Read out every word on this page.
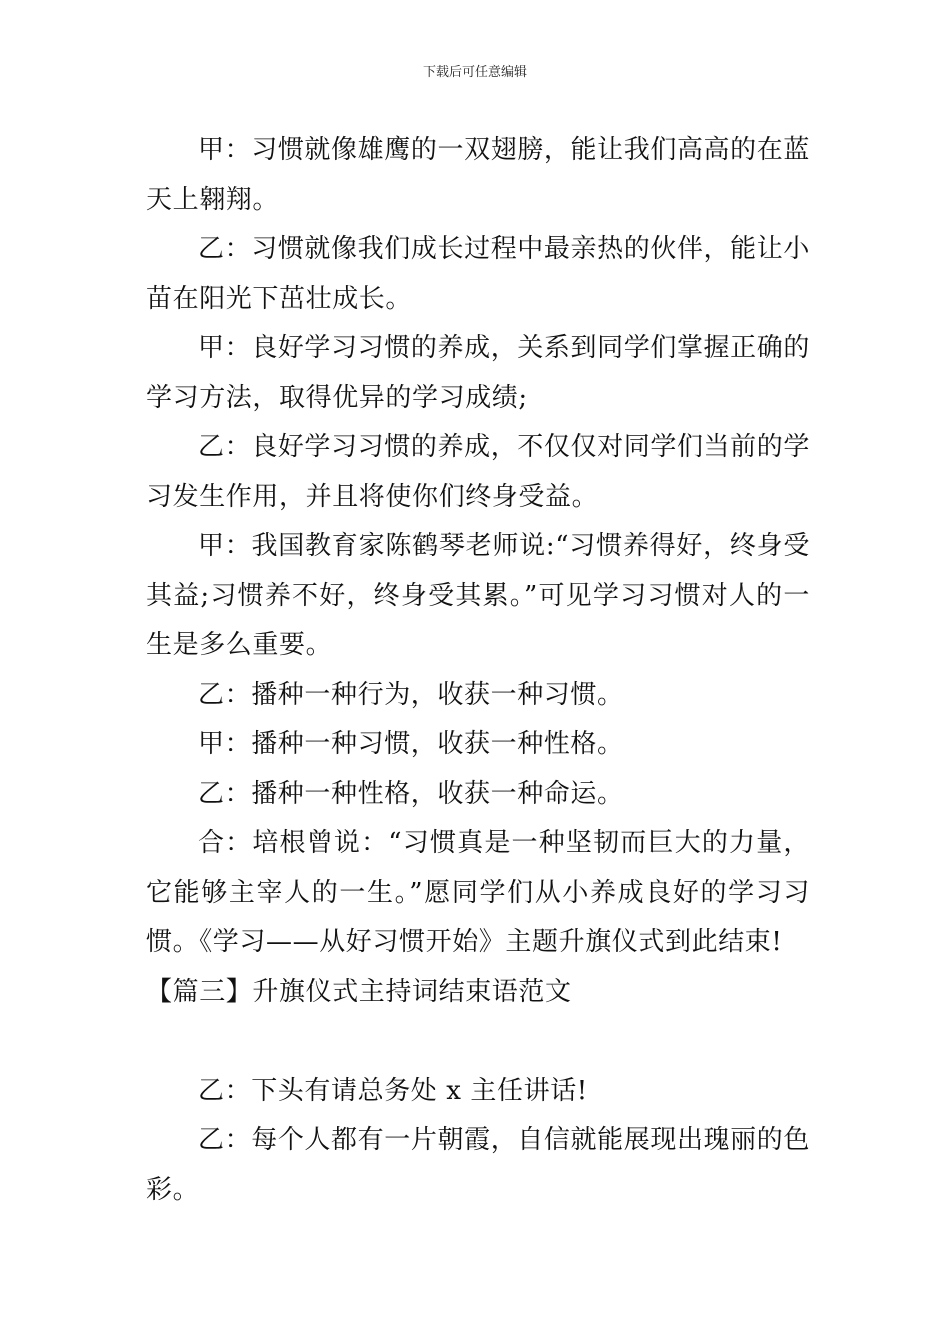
下载后可任意编辑

甲：习惯就像雄鹰的一双翅膀，能让我们高高的在蓝天上翱翔。

乙：习惯就像我们成长过程中最亲热的伙伴，能让小苗在阳光下茁壮成长。

甲：良好学习习惯的养成，关系到同学们掌握正确的学习方法，取得优异的学习成绩;

乙：良好学习习惯的养成，不仅仅对同学们当前的学习发生作用，并且将使你们终身受益。

甲：我国教育家陈鹤琴老师说:“习惯养得好，终身受其益;习惯养不好，终身受其累。”可见学习习惯对人的一生是多么重要。

乙：播种一种行为，收获一种习惯。

甲：播种一种习惯，收获一种性格。

乙：播种一种性格，收获一种命运。

合：培根曾说：“习惯真是一种坚韧而巨大的力量，它能够主宰人的一生。”愿同学们从小养成良好的学习习惯。《学习——从好习惯开始》主题升旗仪式到此结束!

【篇三】升旗仪式主持词结束语范文

乙：下头有请总务处 x 主任讲话!

乙：每个人都有一片朝霞，自信就能展现出瑰丽的色彩。
